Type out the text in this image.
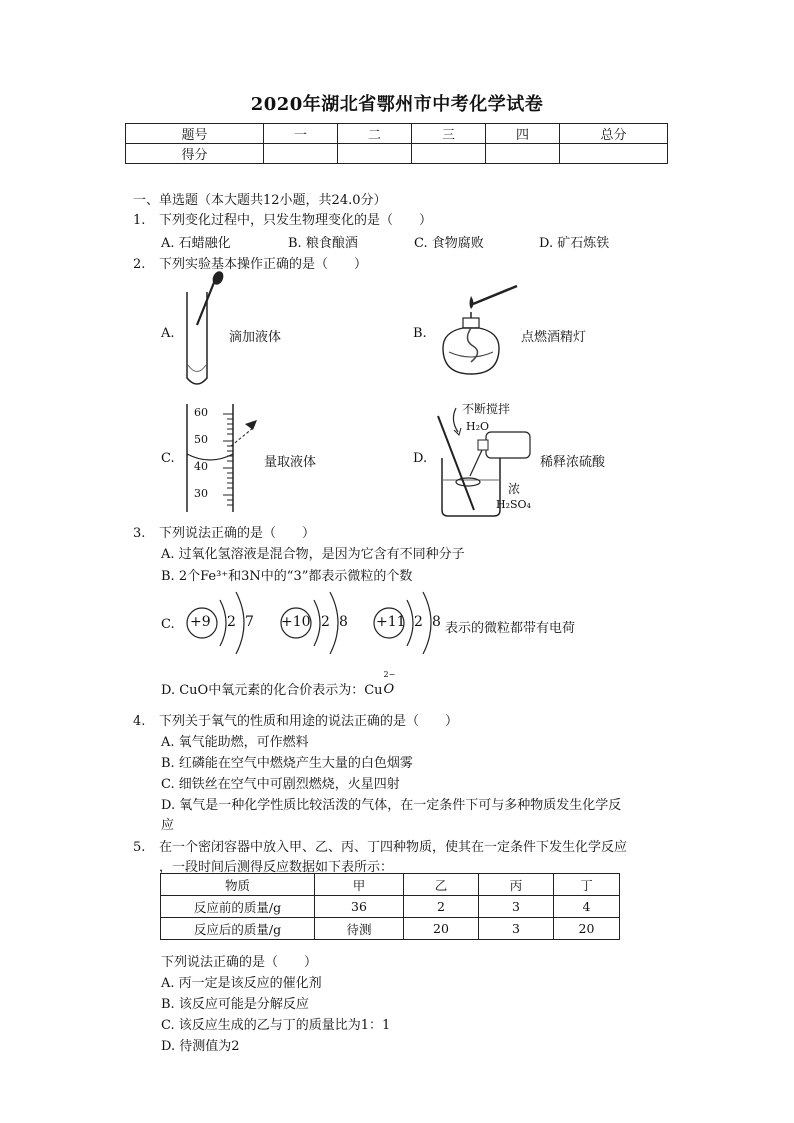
2020年湖北省鄂州市中考化学试卷
题号	一	二	三	四	总分
得分					
一、单选题（本大题共12小题，共24.0分）
1. 下列变化过程中，只发生物理变化的是（　　）
A. 石蜡融化	B. 粮食酿酒	C. 食物腐败	D. 矿石炼铁
2. 下列实验基本操作正确的是（　　）
A.	滴加液体	B.	点燃酒精灯
C.
60
50
40
30
量取液体	D.
不断搅拌
H₂O
浓
H₂SO₄
稀释浓硫酸
3. 下列说法正确的是（　　）
A. 过氧化氢溶液是混合物，是因为它含有不同种分子
B. 2个Fe³⁺和3N中的“3”都表示微粒的个数
C. +9 2 7 +10 2 8 +11 2 8 表示的微粒都带有电荷
D. CuO中氧元素的化合价表示为：Cu
2−
O
4. 下列关于氧气的性质和用途的说法正确的是（　　）
A. 氧气能助燃，可作燃料
B. 红磷能在空气中燃烧产生大量的白色烟雾
C. 细铁丝在空气中可剧烈燃烧，火星四射
D. 氧气是一种化学性质比较活泼的气体，在一定条件下可与多种物质发生化学反
应
5. 在一个密闭容器中放入甲、乙、丙、丁四种物质，使其在一定条件下发生化学反应
，一段时间后测得反应数据如下表所示：
物质	甲	乙	丙	丁
反应前的质量/g	36	2	3	4
反应后的质量/g	待测	20	3	20
下列说法正确的是（　　）
A. 丙一定是该反应的催化剂
B. 该反应可能是分解反应
C. 该反应生成的乙与丁的质量比为1：1
D. 待测值为2
